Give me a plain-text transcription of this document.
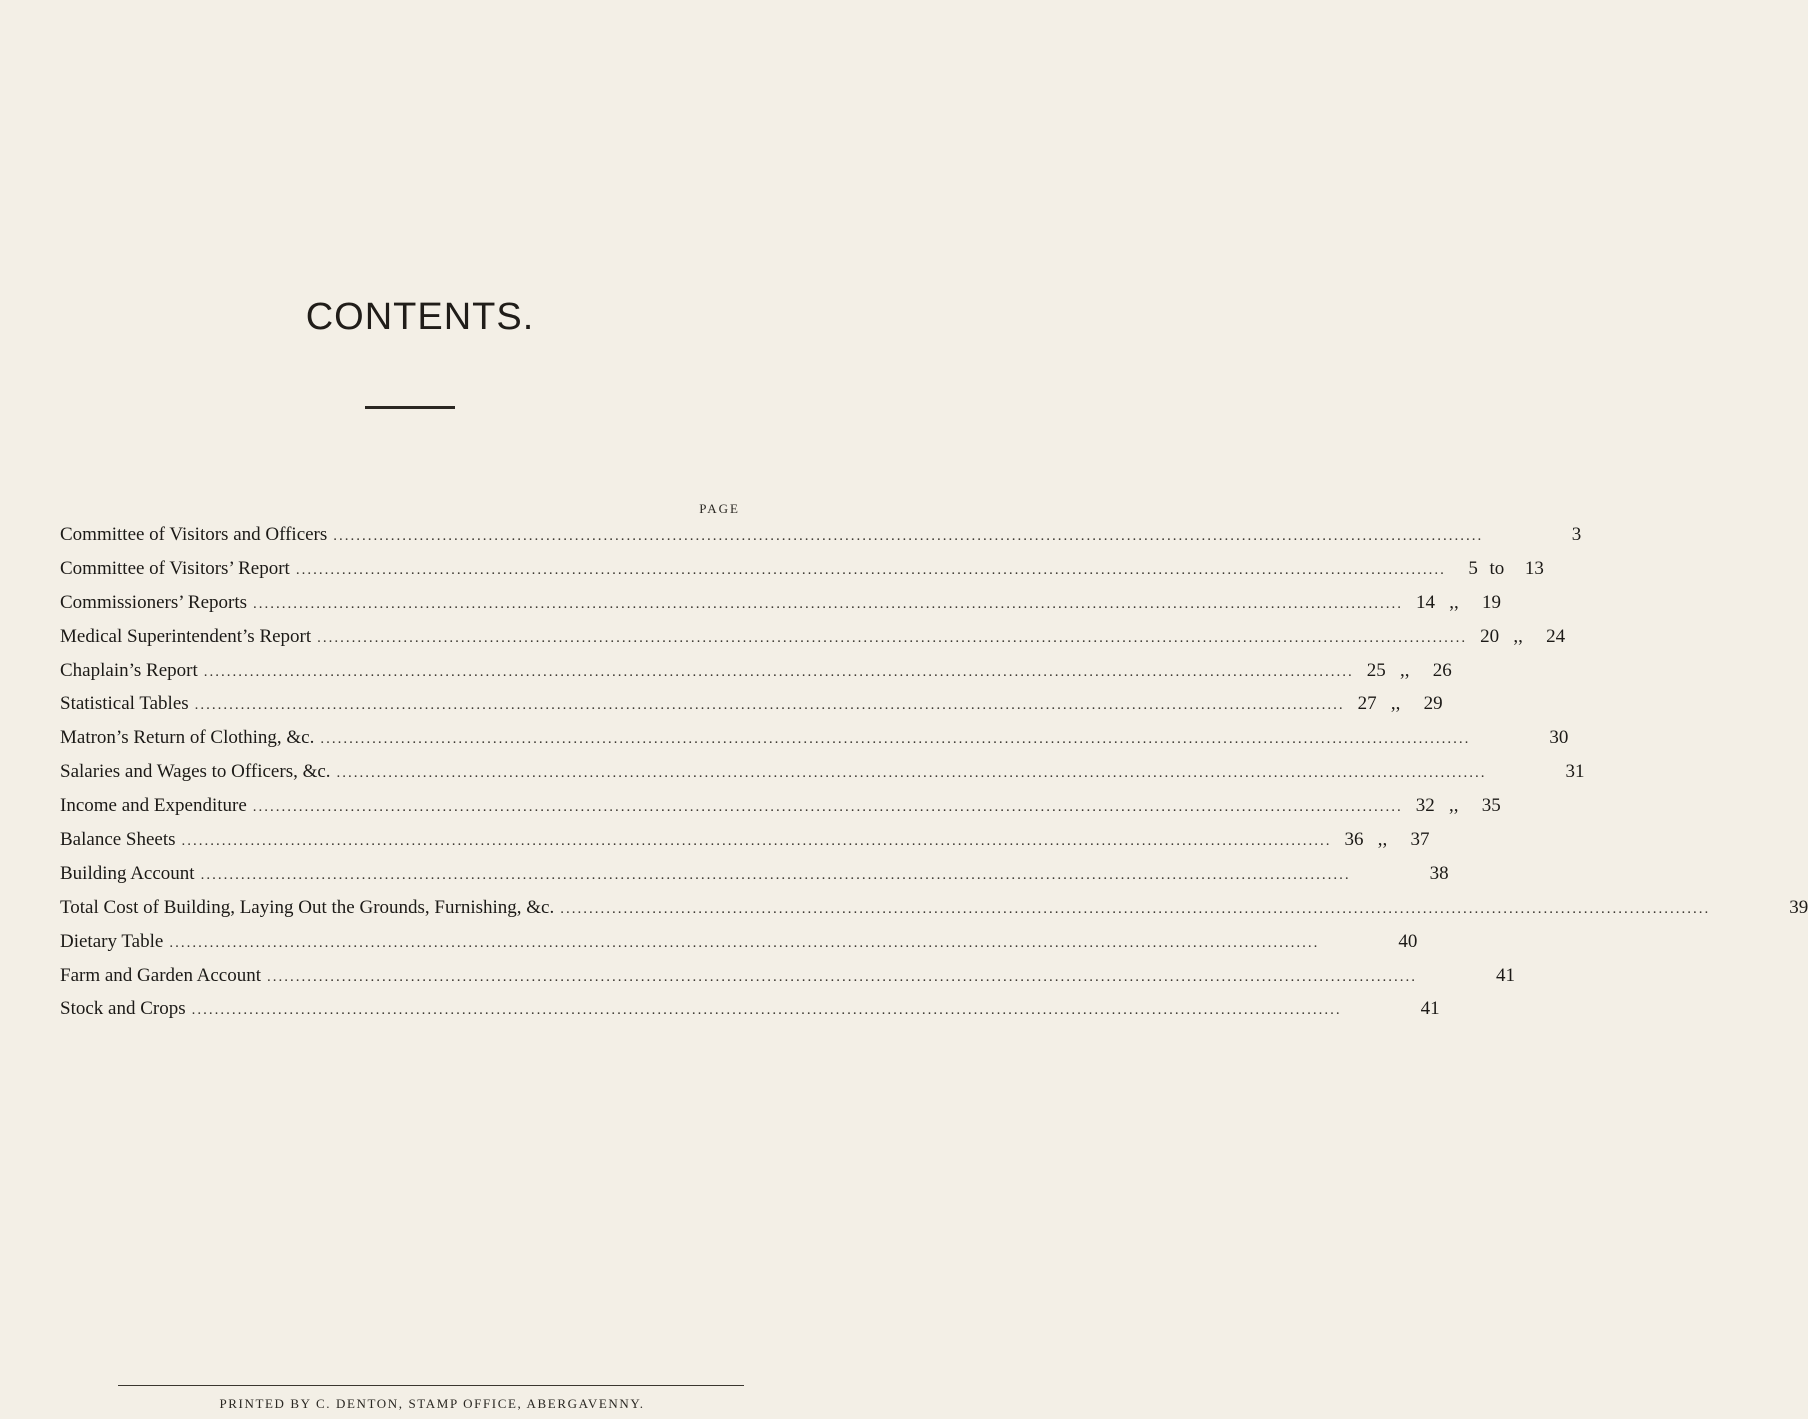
CONTENTS.
PAGE
Committee of Visitors and Officers ........................................................................................................................................................................................................	3
Committee of Visitors’ Report ........................................................................................................................................................................................................	5 to	13
Commissioners’ Reports ........................................................................................................................................................................................................ 14 ,,	19
Medical Superintendent’s Report ........................................................................................................................................................................................................ 20 ,,	24
Chaplain’s Report ........................................................................................................................................................................................................ 25 ,,	26
Statistical Tables ........................................................................................................................................................................................................ 27 ,,	29
Matron’s Return of Clothing, &c. ........................................................................................................................................................................................................	30
Salaries and Wages to Officers, &c. ........................................................................................................................................................................................................	31
Income and Expenditure ........................................................................................................................................................................................................ 32 ,,	35
Balance Sheets ........................................................................................................................................................................................................ 36 ,,	37
Building Account ........................................................................................................................................................................................................	38
Total Cost of Building, Laying Out the Grounds, Furnishing, &c. ........................................................................................................................................................................................................	39
Dietary Table ........................................................................................................................................................................................................	40
Farm and Garden Account ........................................................................................................................................................................................................	41
Stock and Crops ........................................................................................................................................................................................................	41
PRINTED BY C. DENTON, STAMP OFFICE, ABERGAVENNY.
